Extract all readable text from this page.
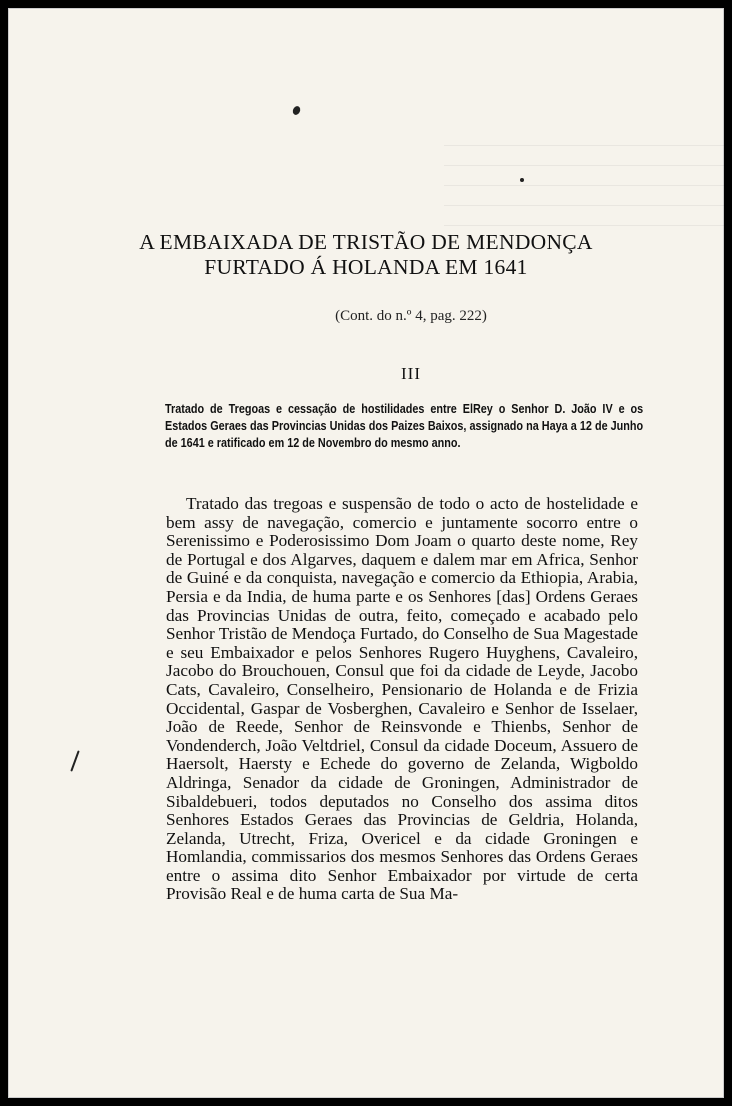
A EMBAIXADA DE TRISTÃO DE MENDONÇA
FURTADO Á HOLANDA EM 1641
(Cont. do n.º 4, pag. 222)
III
Tratado de Tregoas e cessação de hostilidades entre ElRey o Senhor D. João IV e os Estados Geraes das Provincias Unidas dos Paizes Baixos, assignado na Haya a 12 de Junho de 1641 e ratificado em 12 de Novembro do mesmo anno.
Tratado das tregoas e suspensão de todo o acto de hostelidade e bem assy de navegação, comercio e juntamente socorro entre o Serenissimo e Poderosissimo Dom Joam o quarto deste nome, Rey de Portugal e dos Algarves, daquem e dalem mar em Africa, Senhor de Guiné e da conquista, navegação e comercio da Ethiopia, Arabia, Persia e da India, de huma parte e os Senhores [das] Ordens Geraes das Provincias Unidas de outra, feito, começado e acabado pelo Senhor Tristão de Mendoça Furtado, do Conselho de Sua Magestade e seu Embaixador e pelos Senhores Rugero Huyghens, Cavaleiro, Jacobo do Brouchouen, Consul que foi da cidade de Leyde, Jacobo Cats, Cavaleiro, Conselheiro, Pensionario de Holanda e de Frizia Occidental, Gaspar de Vosberghen, Cavaleiro e Senhor de Isselaer, João de Reede, Senhor de Reinsvonde e Thienbs, Senhor de Vondenderch, João Veltdriel, Consul da cidade Doceum, Assuero de Haersolt, Haersty e Echede do governo de Zelanda, Wigboldo Aldringa, Senador da cidade de Groningen, Administrador de Sibaldebueri, todos deputados no Conselho dos assima ditos Senhores Estados Geraes das Provincias de Geldria, Holanda, Zelanda, Utrecht, Friza, Overicel e da cidade Groningen e Homlandia, commissarios dos mesmos Senhores das Ordens Geraes entre o assima dito Senhor Embaixador por virtude de certa Provisão Real e de huma carta de Sua Ma-
